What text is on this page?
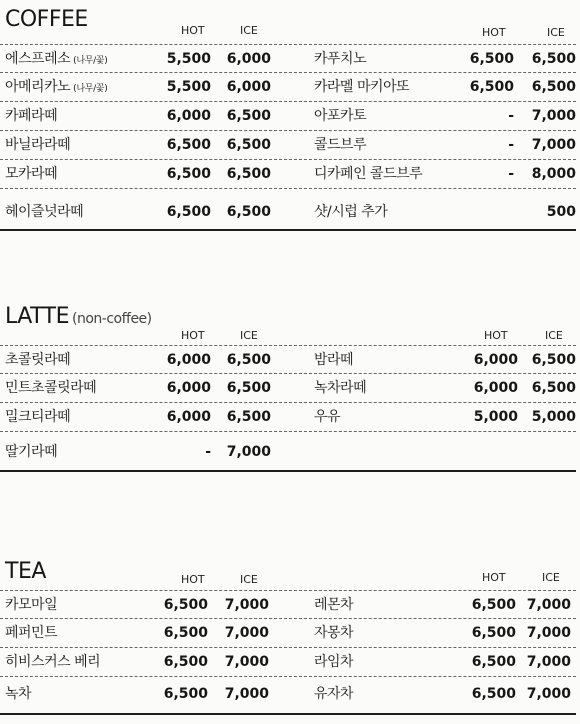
COFFEE	HOT	ICE	HOT	ICE
에스프레소 (나무/꽃)	5,500	6,000	카푸치노	6,500	6,500
아메리카노 (나무/꽃)	5,500	6,000	카라멜 마키아또	6,500	6,500
카페라떼	6,000	6,500	아포카토	-	7,000
바닐라라떼	6,500	6,500	콜드브루	-	7,000
모카라떼	6,500	6,500	디카페인 콜드브루	-	8,000
헤이즐넛라떼	6,500	6,500	샷/시럽 추가	500
LATTE (non-coffee)
HOT	ICE	HOT	ICE
초콜릿라떼	6,000	6,500	밤라떼	6,000 6,500
민트초콜릿라떼	6,000	6,500	녹차라떼	6,000 6,500
밀크티라떼	6,000	6,500	우유	5,000 5,000
딸기라떼	-	7,000
TEA	HOT	ICE	HOT	ICE
카모마일	6,500	7,000	레몬차	6,500 7,000
페퍼민트	6,500	7,000	자몽차	6,500 7,000
히비스커스 베리	6,500	7,000	라임차	6,500 7,000
녹차	6,500	7,000	유자차	6,500 7,000
